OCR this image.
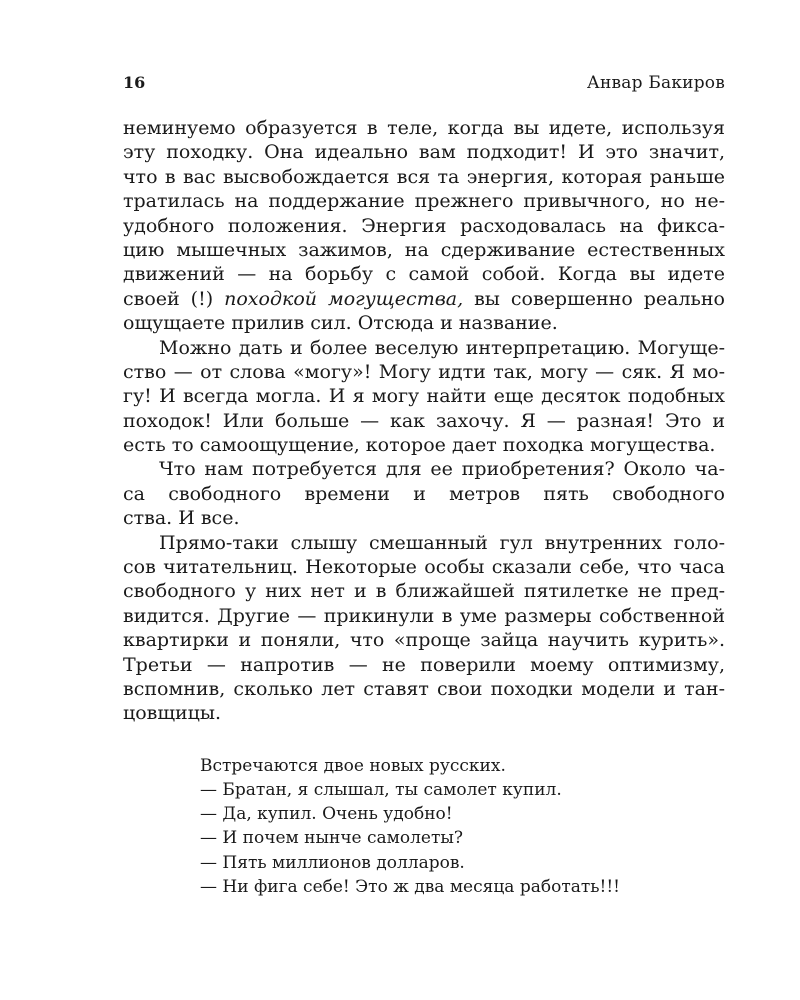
16	Анвар Бакиров
неминуемо образуется в теле, когда вы идете, используя
эту походку. Она идеально вам подходит! И это значит,
что в вас высвобождается вся та энергия, которая раньше
тратилась на поддержание прежнего привычного, но не-
удобного положения. Энергия расходовалась на фикса-
цию мышечных зажимов, на сдерживание естественных
движений — на борьбу с самой собой. Когда вы идете
своей (!) походкой могущества, вы совершенно реально
ощущаете прилив сил. Отсюда и название.
Можно дать и более веселую интерпретацию. Могуще-
ство — от слова «могу»! Могу идти так, могу — сяк. Я мо-
гу! И всегда могла. И я могу найти еще десяток подобных
походок! Или больше — как захочу. Я — разная! Это и
есть то самоощущение, которое дает походка могущества.
Что нам потребуется для ее приобретения? Около ча-
са свободного времени и метров пять свободного
ства. И все.
Прямо-таки слышу смешанный гул внутренних голо-
сов читательниц. Некоторые особы сказали себе, что часа
свободного у них нет и в ближайшей пятилетке не пред-
видится. Другие — прикинули в уме размеры собственной
квартирки и поняли, что «проще зайца научить курить».
Третьи — напротив — не поверили моему оптимизму,
вспомнив, сколько лет ставят свои походки модели и тан-
цовщицы.
Встречаются двое новых русских.
— Братан, я слышал, ты самолет купил.
— Да, купил. Очень удобно!
— И почем нынче самолеты?
— Пять миллионов долларов.
— Ни фига себе! Это ж два месяца работать!!!
